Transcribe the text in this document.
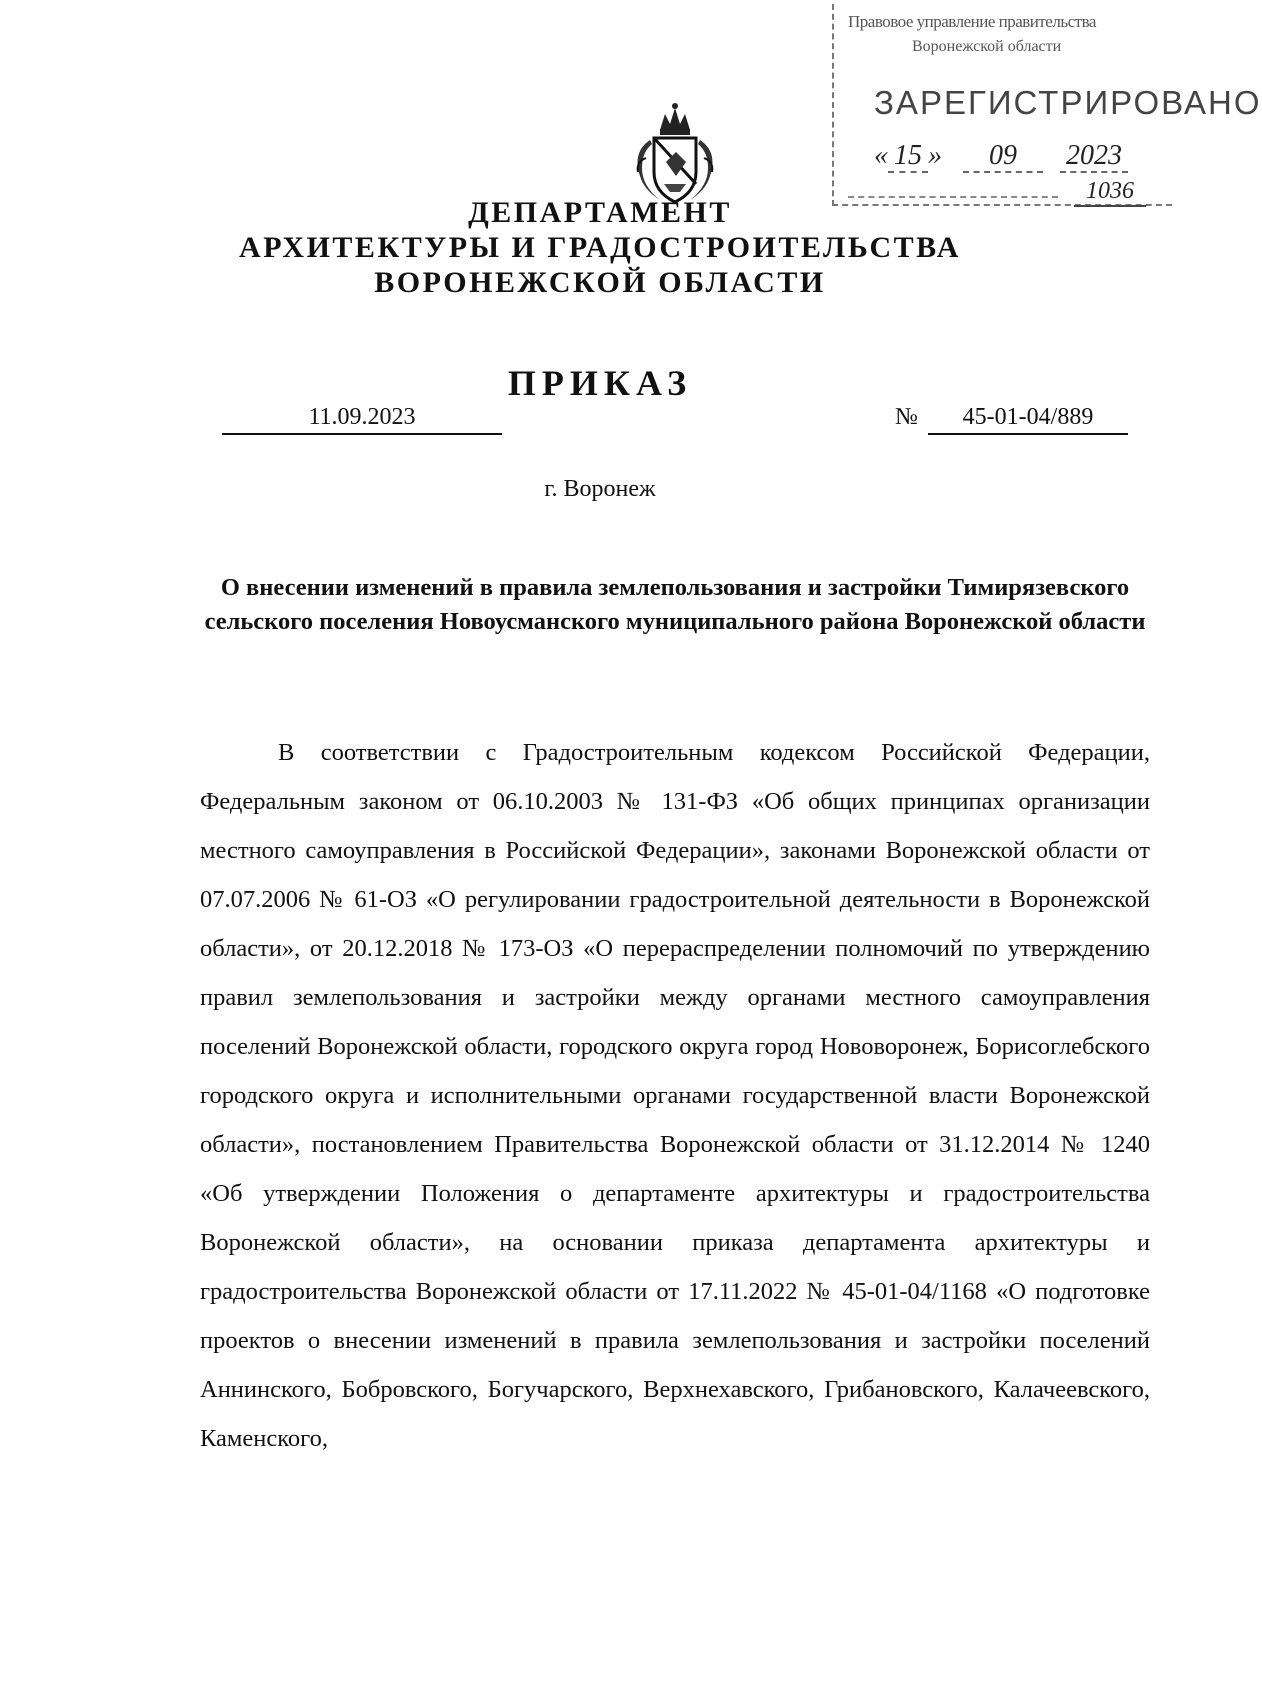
Правовое управление правительства
Воронежской области
ЗАРЕГИСТРИРОВАНО
« 15 » 09 2023
1036
ДЕПАРТАМЕНТ
АРХИТЕКТУРЫ И ГРАДОСТРОИТЕЛЬСТВА
ВОРОНЕЖСКОЙ ОБЛАСТИ
ПРИКАЗ
11.09.2023	№	45-01-04/889
г. Воронеж
О внесении изменений в правила землепользования и застройки Тимирязевского сельского поселения Новоусманского муниципального района Воронежской области

В соответствии с Градостроительным кодексом Российской Федерации, Федеральным законом от 06.10.2003 № 131-ФЗ «Об общих принципах организации местного самоуправления в Российской Федерации», законами Воронежской области от 07.07.2006 № 61-ОЗ «О регулировании градостроительной деятельности в Воронежской области», от 20.12.2018 № 173-ОЗ «О перераспределении полномочий по утверждению правил землепользования и застройки между органами местного самоуправления поселений Воронежской области, городского округа город Нововоронеж, Борисоглебского городского округа и исполнительными органами государственной власти Воронежской области», постановлением Правительства Воронежской области от 31.12.2014 № 1240 «Об утверждении Положения о департаменте архитектуры и градостроительства Воронежской области», на основании приказа департамента архитектуры и градостроительства Воронежской области от 17.11.2022 № 45-01-04/1168 «О подготовке проектов о внесении изменений в правила землепользования и застройки поселений Аннинского, Бобровского, Богучарского, Верхнехавского, Грибановского, Калачеевского, Каменского,
